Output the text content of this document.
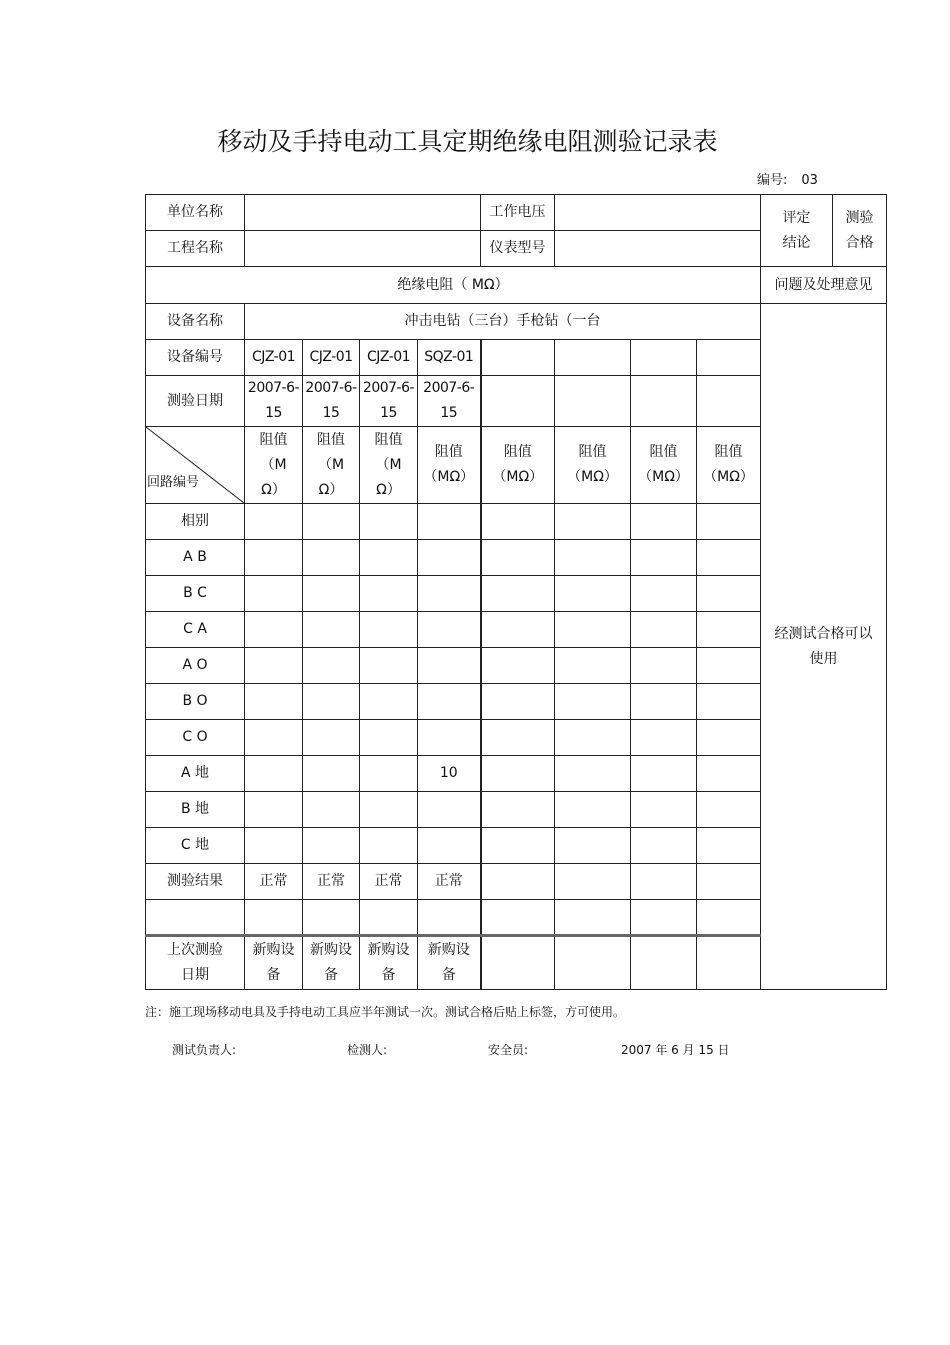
移动及手持电动工具定期绝缘电阻测验记录表
编号: 03
单位名称					工作电压				评定结论	测验合格

工程名称					仪表型号					
绝缘电阻（ MΩ）									问题及处理意见	
设备名称	冲击电钻（三台）手枪钻（一台								经测试合格可以使用	

设备编号	CJZ-01	CJZ-01	CJZ-01	SQZ-01						
测验日期	2007-6-15	2007-6-15	2007-6-15	2007-6-15						

回路编号	阻值（MΩ）	阻值（MΩ）	阻值（MΩ）	阻值（MΩ）	阻值（MΩ）	阻值（MΩ）	阻值（MΩ）	阻值（MΩ）		

相别										
A B										
B C										
C A										
A O										
B O										
C O										
A 地				10						
B 地										
C 地										
测验结果	正常	正常	正常	正常						

上次测验日期	新购设备	新购设备	新购设备	新购设备						

注：施工现场移动电具及手持电动工具应半年测试一次。测试合格后贴上标签，方可使用。
测试负责人:	检测人:	安全员:	2007 年 6 月 15 日
